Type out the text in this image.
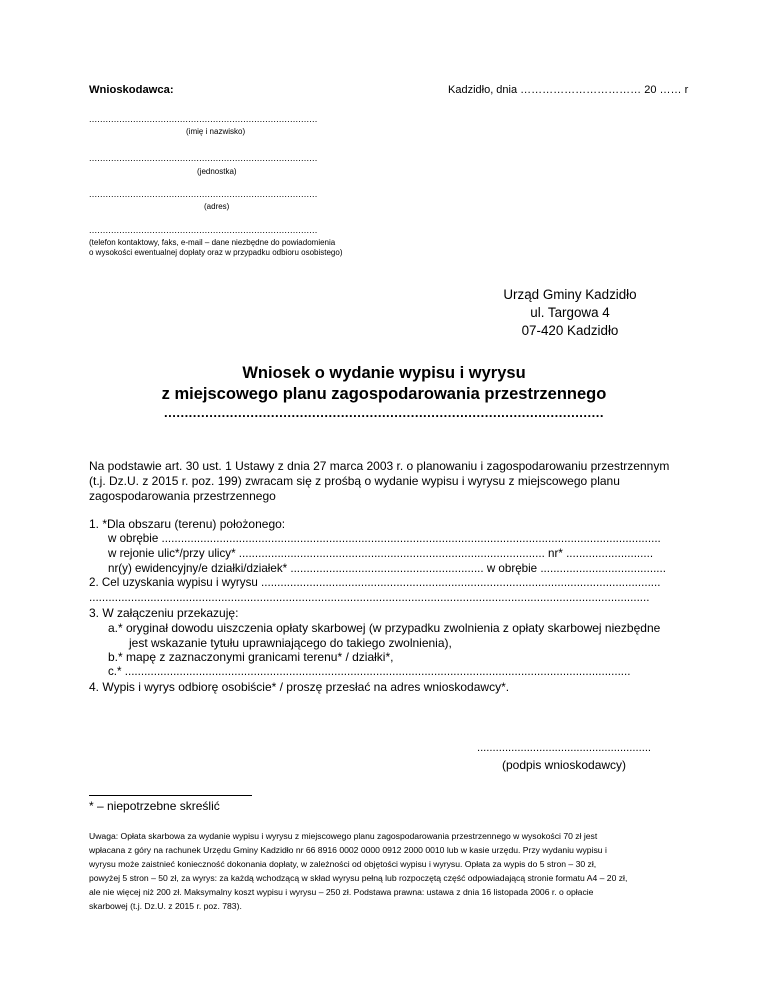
Wnioskodawca:	Kadzidło, dnia …………………………… 20 …… r
...................................................................................
(imię i nazwisko)
...................................................................................
(jednostka)
...................................................................................
(adres)
...................................................................................
(telefon kontaktowy, faks, e-mail – dane niezbędne do powiadomienia
o wysokości ewentualnej dopłaty oraz w przypadku odbioru osobistego)
Urząd Gminy Kadzidło
ul. Targowa 4
07-420 Kadzidło
Wniosek o wydanie wypisu i wyrysu
z miejscowego planu zagospodarowania przestrzennego
...........................................................................................................
Na podstawie art. 30 ust. 1 Ustawy z dnia 27 marca 2003 r. o planowaniu i zagospodarowaniu przestrzennym
(t.j. Dz.U. z 2015 r. poz. 199) zwracam się z prośbą o wydanie wypisu i wyrysu z miejscowego planu
zagospodarowania przestrzennego
1. *Dla obszaru (terenu) położonego:
w obrębie ...........................................................................................................................................................
w rejonie ulic*/przy ulicy* ............................................................................................... nr* ...........................
nr(y) ewidencyjny/e działki/działek* ............................................................ w obrębie .......................................
2. Cel uzyskania wypisu i wyrysu ............................................................................................................................
..............................................................................................................................................................................
3. W załączeniu przekazuję:
a.* oryginał dowodu uiszczenia opłaty skarbowej (w przypadku zwolnienia z opłaty skarbowej niezbędne
jest wskazanie tytułu uprawniającego do takiego zwolnienia),
b.* mapę z zaznaczonymi granicami terenu* / działki*,
c.* .............................................................................................................................................................
4. Wypis i wyrys odbiorę osobiście* / proszę przesłać na adres wnioskodawcy*.
........................................................
(podpis wnioskodawcy)
* – niepotrzebne skreślić
Uwaga: Opłata skarbowa za wydanie wypisu i wyrysu z miejscowego planu zagospodarowania przestrzennego w wysokości 70 zł jest
wpłacana z góry na rachunek Urzędu Gminy Kadzidło nr 66 8916 0002 0000 0912 2000 0010 lub w kasie urzędu. Przy wydaniu wypisu i
wyrysu może zaistnieć konieczność dokonania dopłaty, w zależności od objętości wypisu i wyrysu. Opłata za wypis do 5 stron – 30 zł,
powyżej 5 stron – 50 zł, za wyrys: za każdą wchodzącą w skład wyrysu pełną lub rozpoczętą część odpowiadającą stronie formatu A4 – 20 zł,
ale nie więcej niż 200 zł. Maksymalny koszt wypisu i wyrysu – 250 zł. Podstawa prawna: ustawa z dnia 16 listopada 2006 r. o opłacie
skarbowej (t.j. Dz.U. z 2015 r. poz. 783).
